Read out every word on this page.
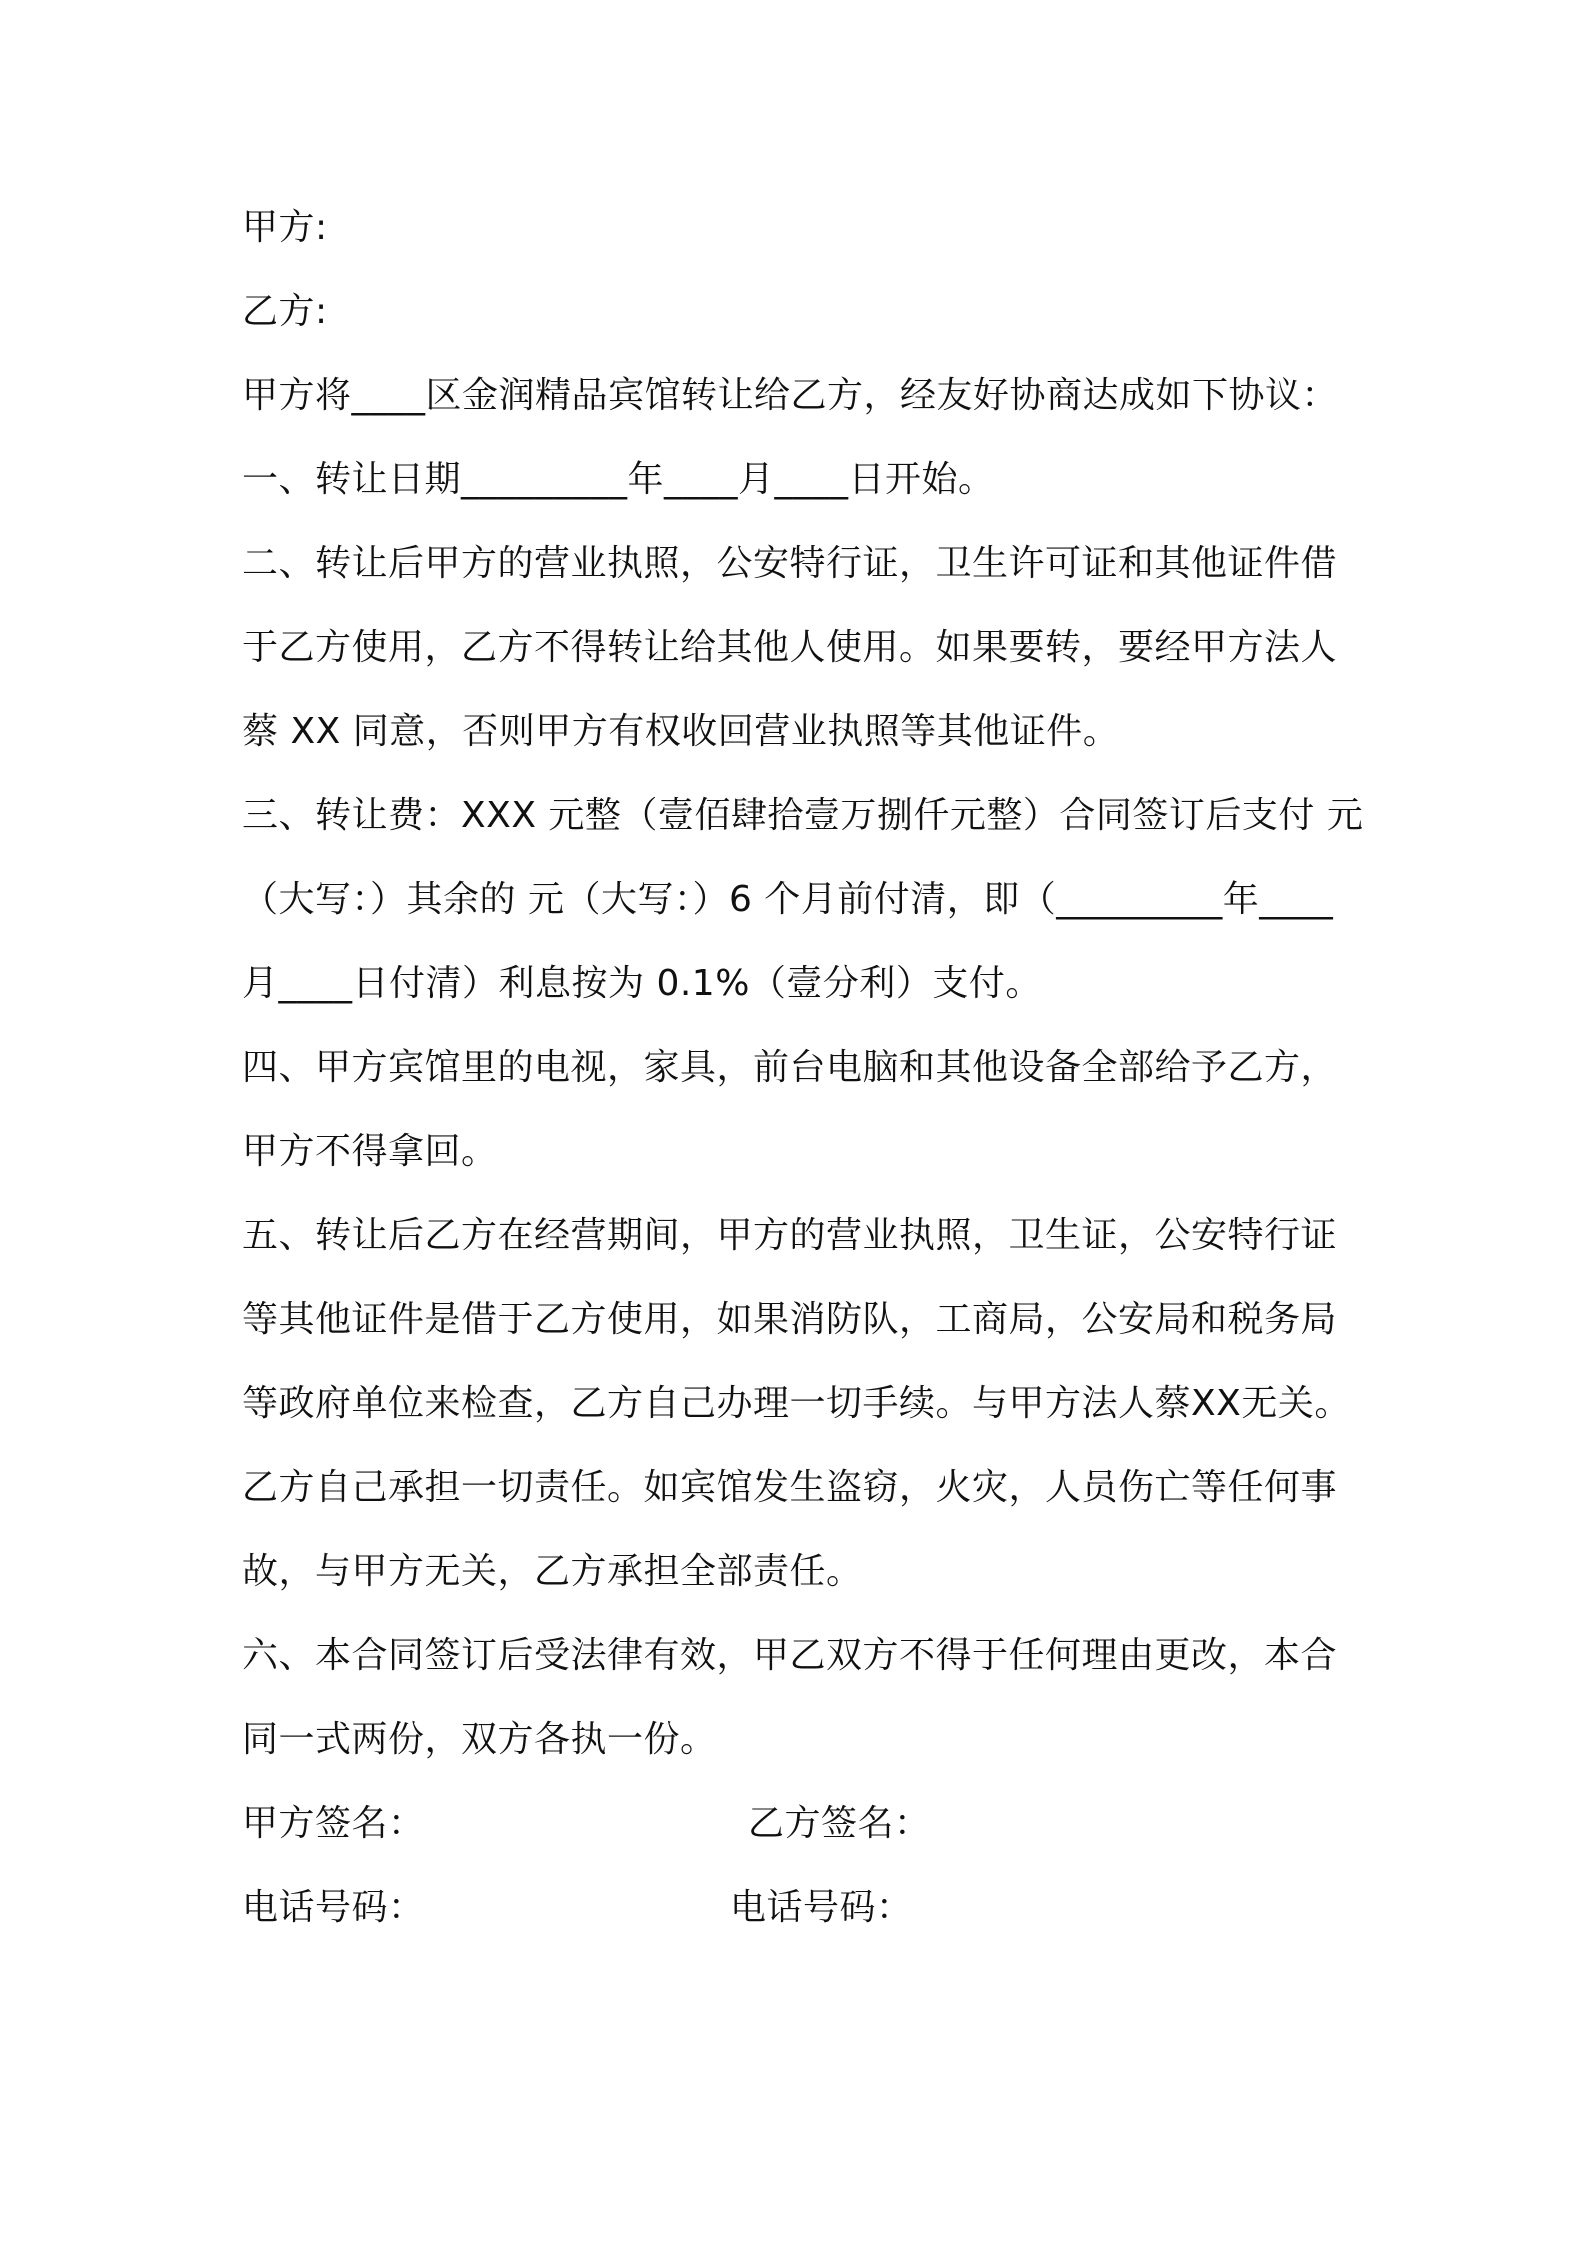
甲方:
乙方:
甲方将____区金润精品宾馆转让给乙方，经友好协商达成如下协议：
一、转让日期_________年____月____日开始。
二、转让后甲方的营业执照，公安特行证，卫生许可证和其他证件借
于乙方使用，乙方不得转让给其他人使用。如果要转，要经甲方法人
蔡 XX 同意，否则甲方有权收回营业执照等其他证件。
三、转让费：XXX 元整（壹佰肆拾壹万捌仟元整）合同签订后支付 元
（大写：）其余的 元（大写：）6 个月前付清，即（_________年____
月____日付清）利息按为 0.1%（壹分利）支付。
四、甲方宾馆里的电视，家具，前台电脑和其他设备全部给予乙方，
甲方不得拿回。
五、转让后乙方在经营期间，甲方的营业执照，卫生证，公安特行证
等其他证件是借于乙方使用，如果消防队，工商局，公安局和税务局
等政府单位来检查，乙方自己办理一切手续。与甲方法人蔡XX无关。
乙方自己承担一切责任。如宾馆发生盗窃，火灾，人员伤亡等任何事
故，与甲方无关，乙方承担全部责任。
六、本合同签订后受法律有效，甲乙双方不得于任何理由更改，本合
同一式两份，双方各执一份。
甲方签名：	乙方签名：
电话号码：	电话号码：
